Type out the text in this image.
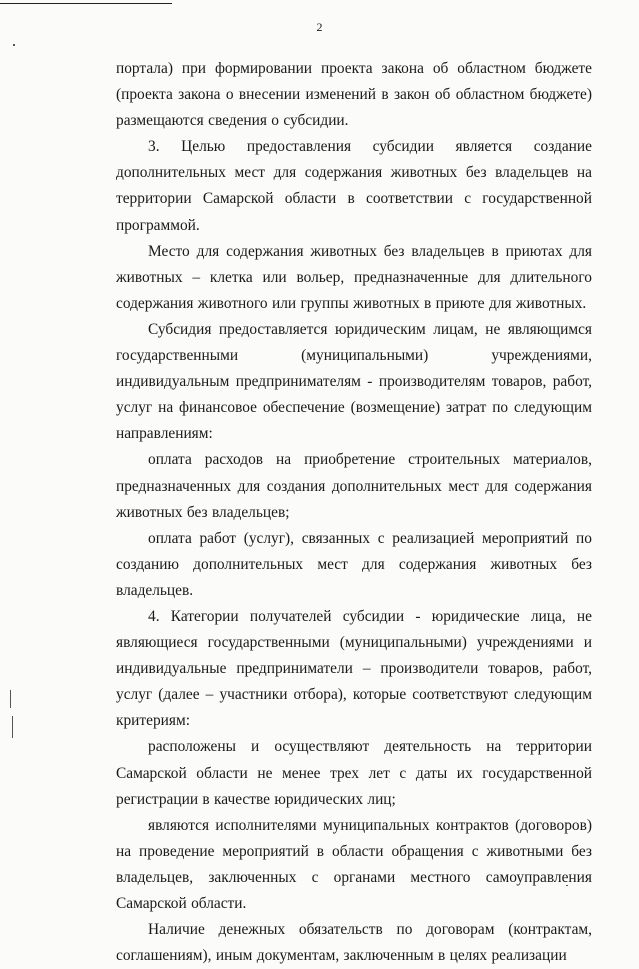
2

портала) при формировании проекта закона об областном бюджете (проекта закона о внесении изменений в закон об областном бюджете) размещаются сведения о субсидии.

3. Целью предоставления субсидии является создание дополнительных мест для содержания животных без владельцев на территории Самарской области в соответствии с государственной программой.

Место для содержания животных без владельцев в приютах для животных – клетка или вольер, предназначенные для длительного содержания животного или группы животных в приюте для животных.

Субсидия предоставляется юридическим лицам, не являющимся государственными (муниципальными) учреждениями, индивидуальным предпринимателям - производителям товаров, работ, услуг на финансовое обеспечение (возмещение) затрат по следующим направлениям:

оплата расходов на приобретение строительных материалов, предназначенных для создания дополнительных мест для содержания животных без владельцев;

оплата работ (услуг), связанных с реализацией мероприятий по созданию дополнительных мест для содержания животных без владельцев.

4. Категории получателей субсидии - юридические лица, не являющиеся государственными (муниципальными) учреждениями и индивидуальные предприниматели – производители товаров, работ, услуг (далее – участники отбора), которые соответствуют следующим критериям:

расположены и осуществляют деятельность на территории Самарской области не менее трех лет с даты их государственной регистрации в качестве юридических лиц;

являются исполнителями муниципальных контрактов (договоров) на проведение мероприятий в области обращения с животными без владельцев, заключенных с органами местного самоуправления Самарской области.

Наличие денежных обязательств по договорам (контрактам, соглашениям), иным документам, заключенным в целях реализации
